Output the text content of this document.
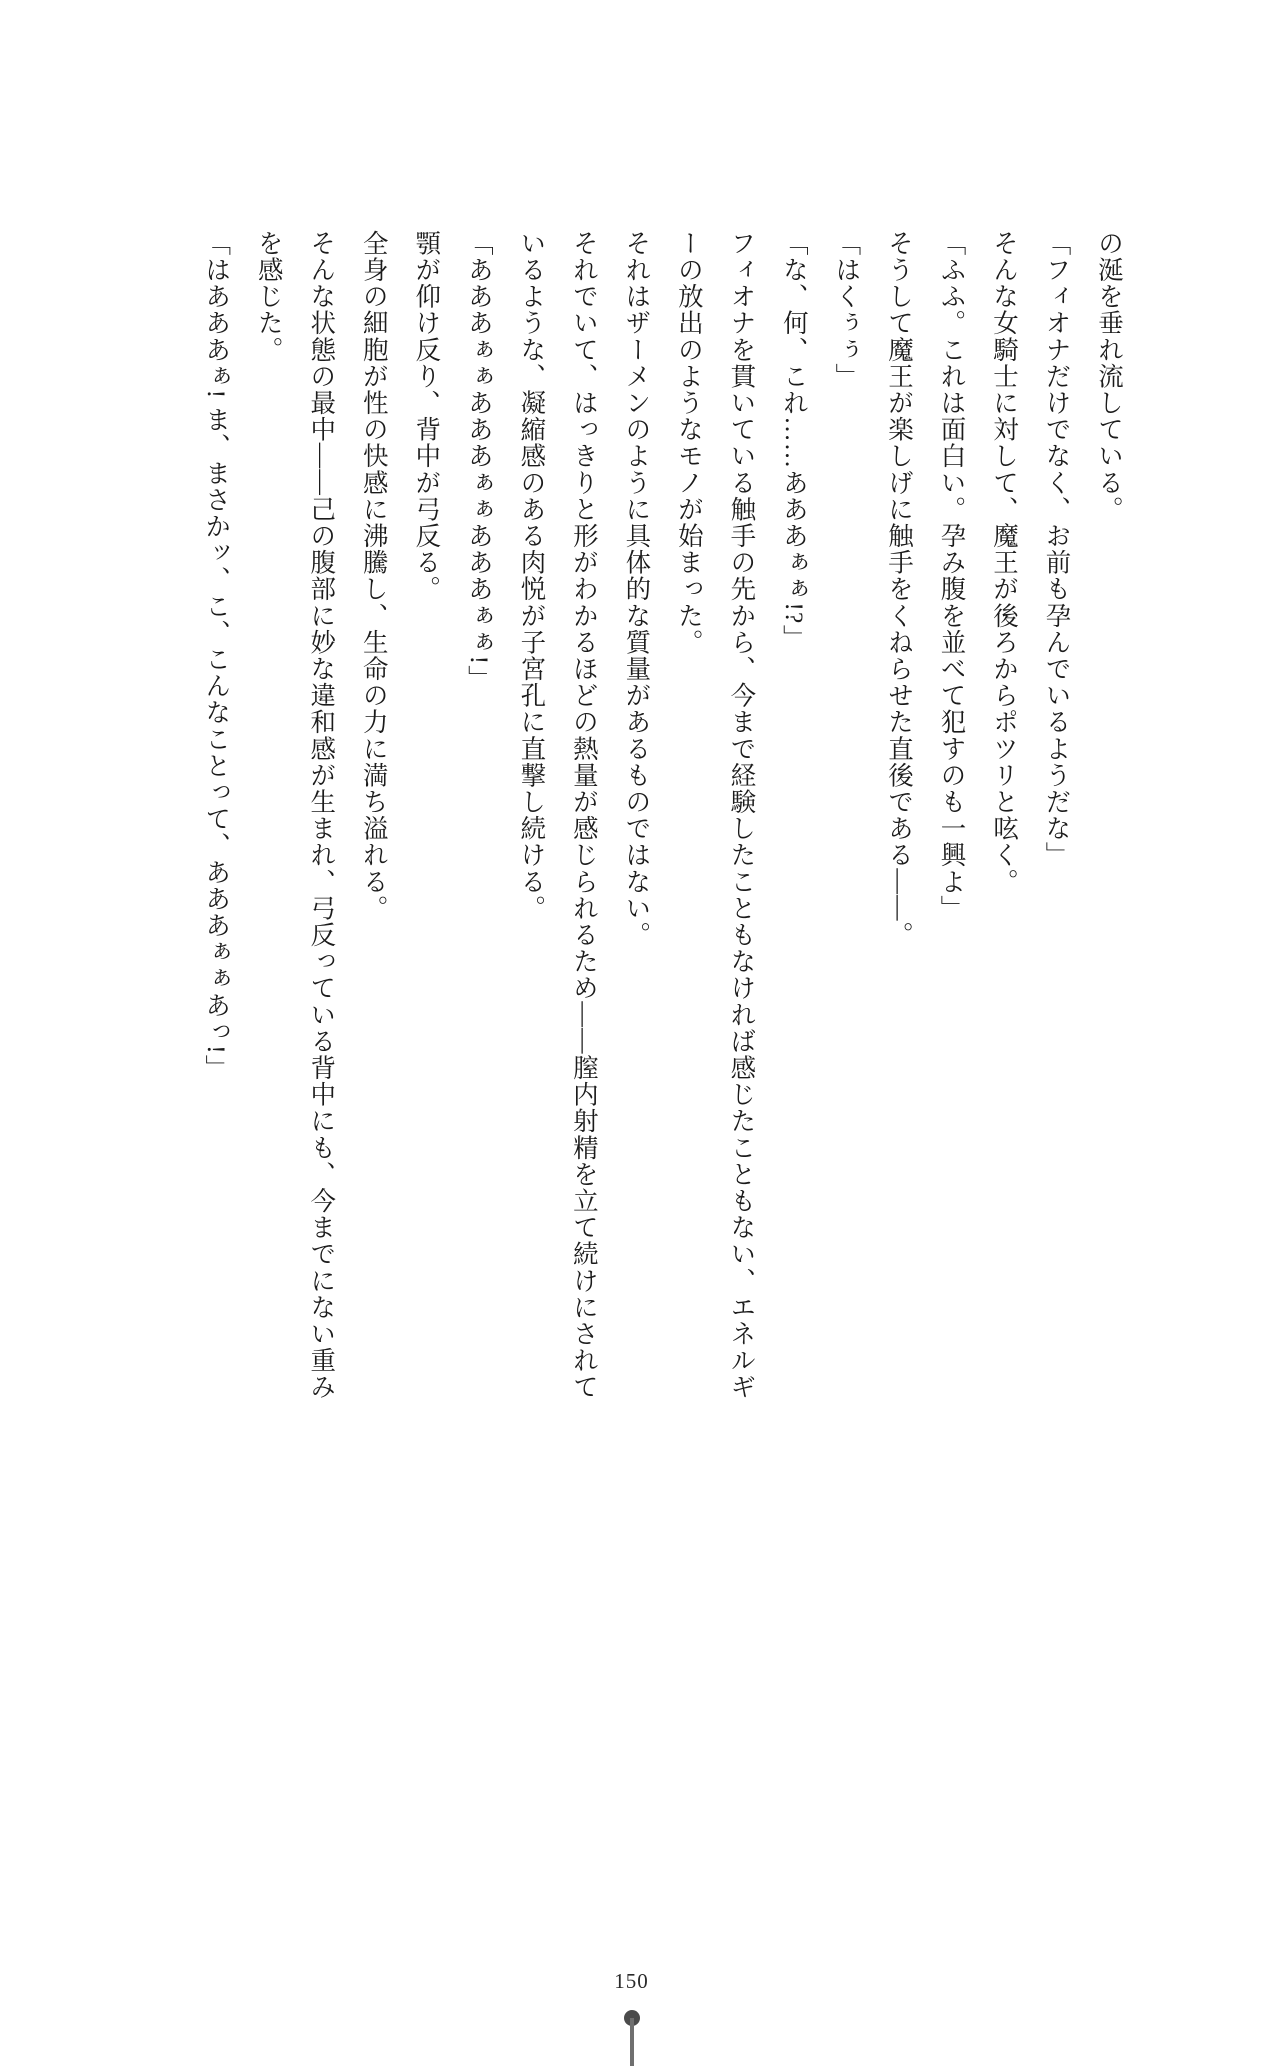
の涎を垂れ流している。

「フィオナだけでなく、お前も孕んでいるようだな」

そんな女騎士に対して、魔王が後ろからポツリと呟く。

「ふふ。これは面白い。孕み腹を並べて犯すのも一興よ」

そうして魔王が楽しげに触手をくねらせた直後である——。

「はくぅぅ」

「な、何、これ……あああぁぁ!?」

フィオナを貫いている触手の先から、今まで経験したこともなければ感じたこともない、エネルギーの放出のようなモノが始まった。

それはザーメンのように具体的な質量があるものではない。

それでいて、はっきりと形がわかるほどの熱量が感じられるため——膣内射精を立て続けにされているような、凝縮感のある肉悦が子宮孔に直撃し続ける。

「あああぁぁあああぁぁあああぁぁ!」

顎が仰け反り、背中が弓反る。

全身の細胞が性の快感に沸騰し、生命の力に満ち溢れる。

そんな状態の最中——己の腹部に妙な違和感が生まれ、弓反っている背中にも、今までにない重みを感じた。

「はあああぁ! ま、まさかッ、こ、こんなことって、あああぁぁあっ!」

150
